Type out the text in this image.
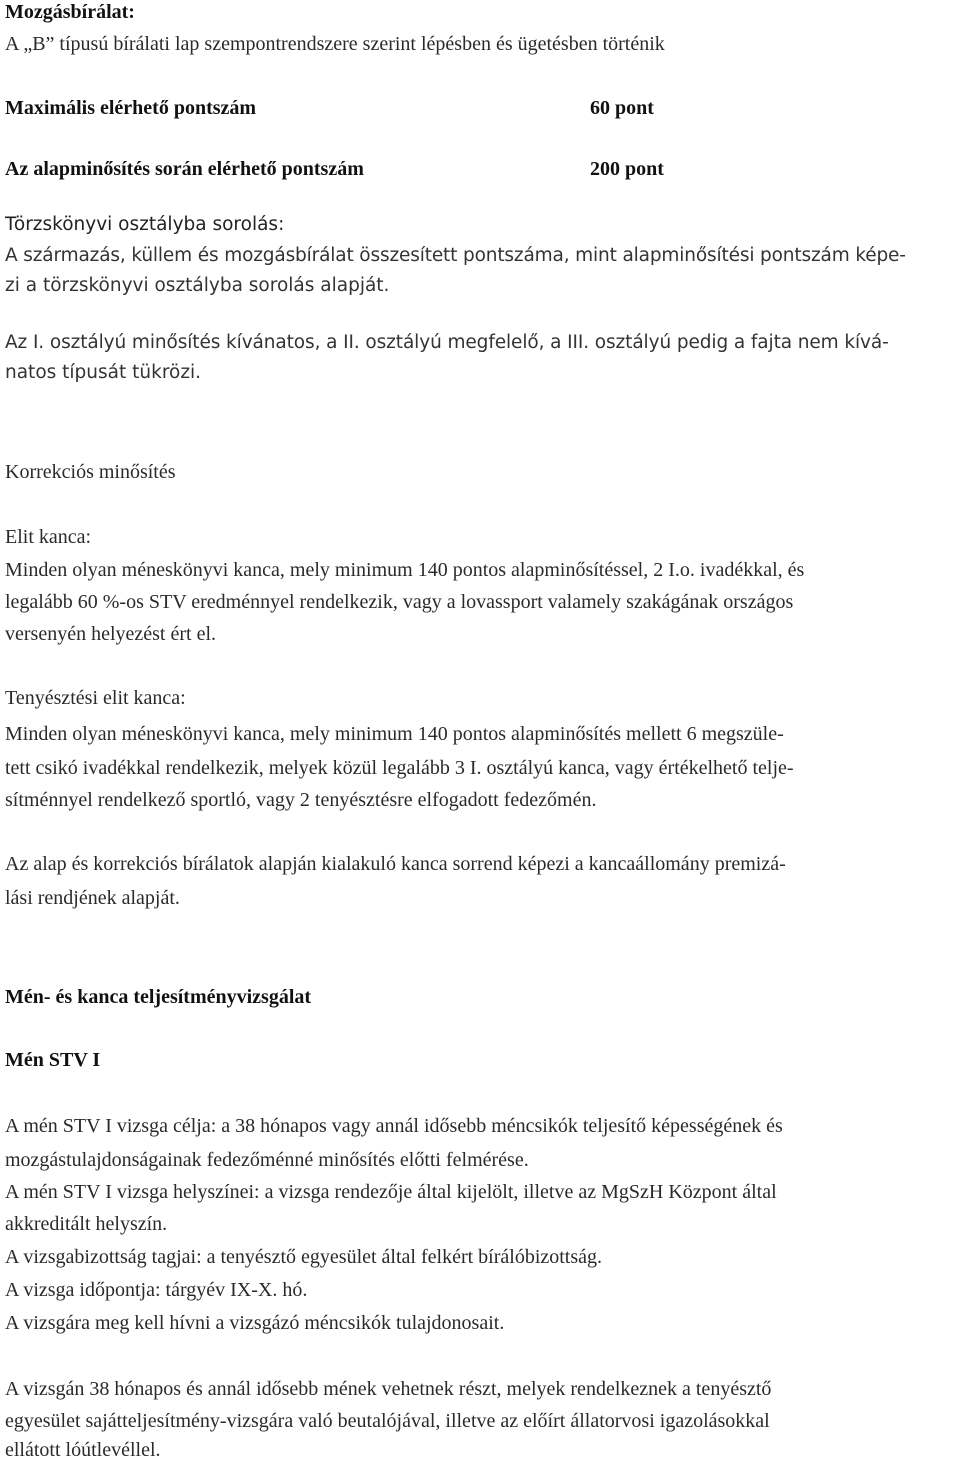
Mozgásbírálat:
A „B” típusú bírálati lap szempontrendszere szerint lépésben és ügetésben történik
Maximális elérhető pontszám	60 pont
Az alapminősítés során elérhető pontszám	200 pont
Törzskönyvi osztályba sorolás:
A származás, küllem és mozgásbírálat összesített pontszáma, mint alapminősítési pontszám képe-
zi a törzskönyvi osztályba sorolás alapját.
Az I. osztályú minősítés kívánatos, a II. osztályú megfelelő, a III. osztályú pedig a fajta nem kívá-
natos típusát tükrözi.
Korrekciós minősítés
Elit kanca:
Minden olyan méneskönyvi kanca, mely minimum 140 pontos alapminősítéssel, 2 I.o. ivadékkal, és
legalább 60 %-os STV eredménnyel rendelkezik, vagy a lovassport valamely szakágának országos
versenyén helyezést ért el.
Tenyésztési elit kanca:
Minden olyan méneskönyvi kanca, mely minimum 140 pontos alapminősítés mellett 6 megszüle-
tett csikó ivadékkal rendelkezik, melyek közül legalább 3 I. osztályú kanca, vagy értékelhető telje-
sítménnyel rendelkező sportló, vagy 2 tenyésztésre elfogadott fedezőmén.
Az alap és korrekciós bírálatok alapján kialakuló kanca sorrend képezi a kancaállomány premizá-
lási rendjének alapját.
Mén- és kanca teljesítményvizsgálat
Mén STV I
A mén STV I vizsga célja: a 38 hónapos vagy annál idősebb méncsikók teljesítő képességének és
mozgástulajdonságainak fedezőménné minősítés előtti felmérése.
A mén STV I vizsga helyszínei: a vizsga rendezője által kijelölt, illetve az MgSzH Központ által
akkreditált helyszín.
A vizsgabizottság tagjai: a tenyésztő egyesület által felkért bírálóbizottság.
A vizsga időpontja: tárgyév IX-X. hó.
A vizsgára meg kell hívni a vizsgázó méncsikók tulajdonosait.
A vizsgán 38 hónapos és annál idősebb mének vehetnek részt, melyek rendelkeznek a tenyésztő
egyesület sajátteljesítmény-vizsgára való beutalójával, illetve az előírt állatorvosi igazolásokkal
ellátott lóútlevéllel.
